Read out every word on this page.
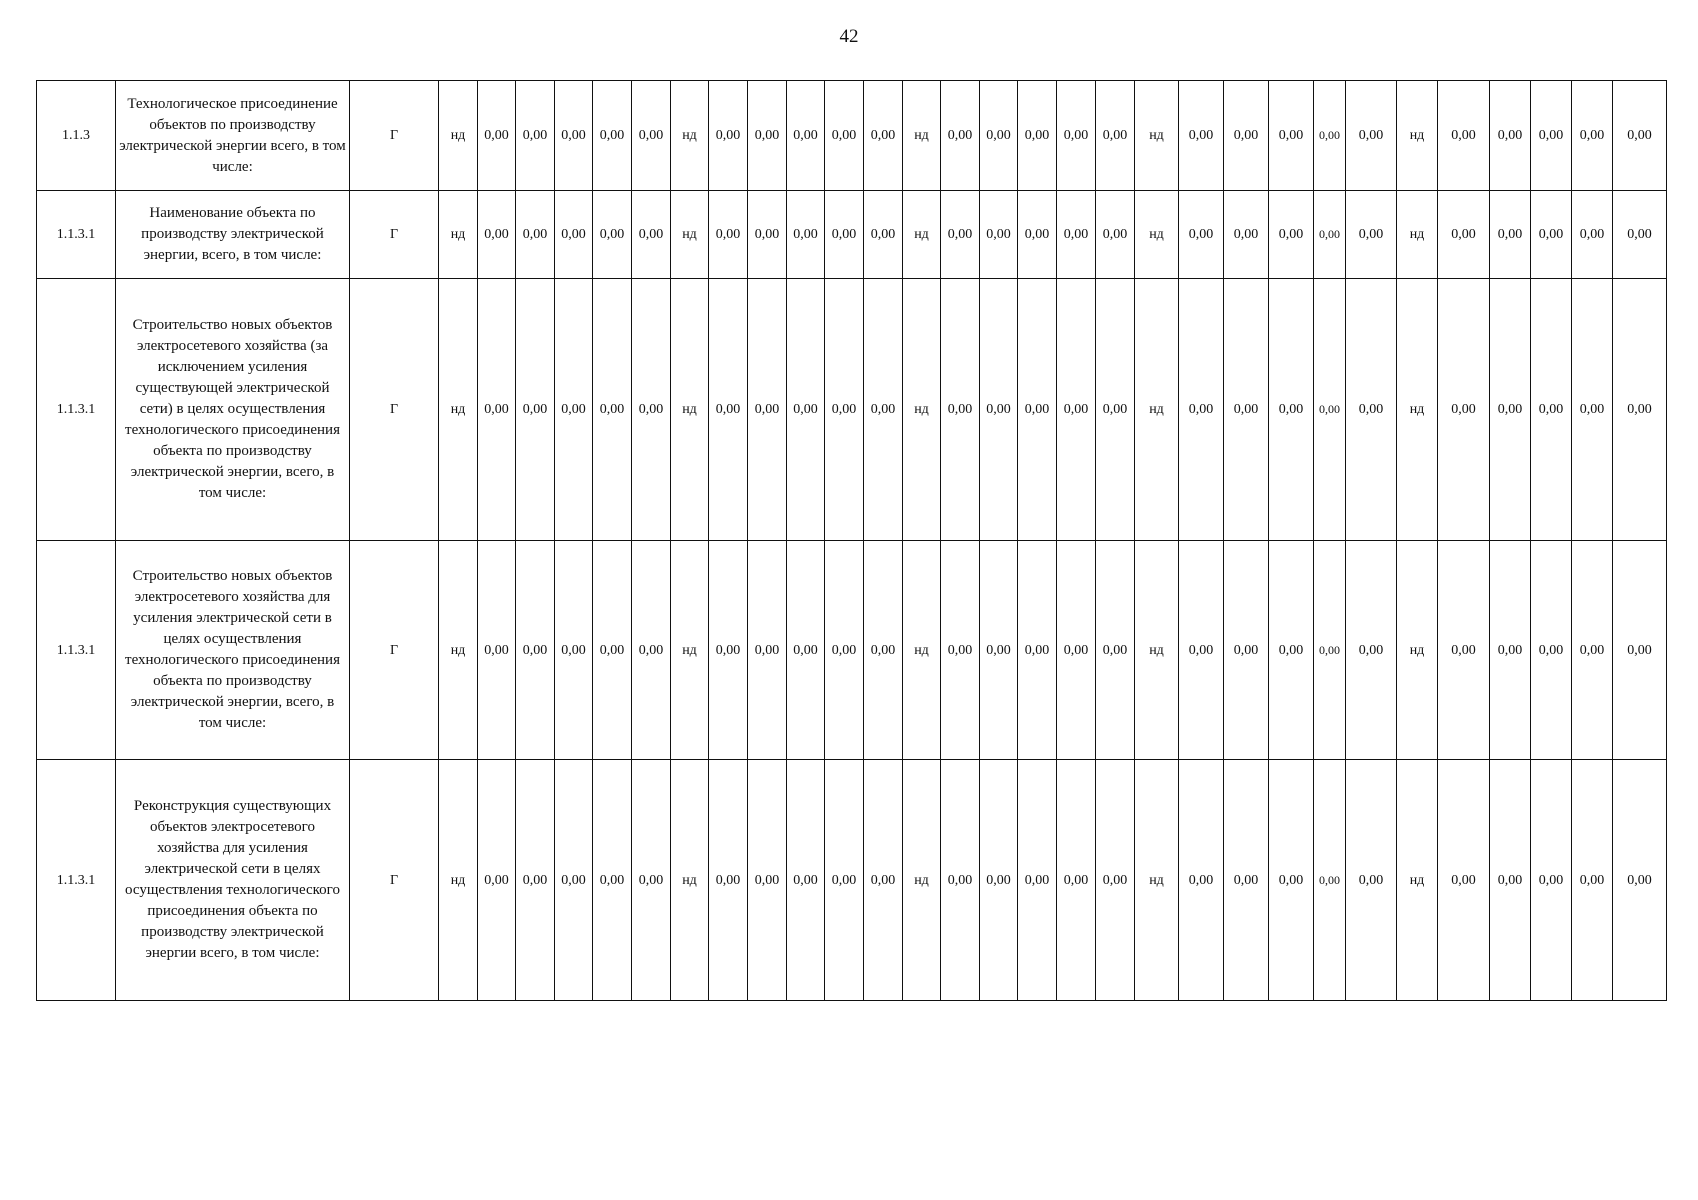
42
1.1.3	Технологическое присоединение объектов по производству электрической энергии всего, в том числе:	Г	нд	0,00	0,00	0,00	0,00	0,00	нд	0,00	0,00	0,00	0,00	0,00	нд	0,00	0,00	0,00	0,00	0,00	нд	0,00	0,00	0,00	0,00	0,00	нд	0,00	0,00	0,00	0,00	0,00
1.1.3.1	Наименование объекта по производству электрической энергии, всего, в том числе:	Г	нд	0,00	0,00	0,00	0,00	0,00	нд	0,00	0,00	0,00	0,00	0,00	нд	0,00	0,00	0,00	0,00	0,00	нд	0,00	0,00	0,00	0,00	0,00	нд	0,00	0,00	0,00	0,00	0,00
1.1.3.1	Строительство новых объектов электросетевого хозяйства (за исключением усиления существующей электрической сети) в целях осуществления технологического присоединения объекта по производству электрической энергии, всего, в том числе:	Г	нд	0,00	0,00	0,00	0,00	0,00	нд	0,00	0,00	0,00	0,00	0,00	нд	0,00	0,00	0,00	0,00	0,00	нд	0,00	0,00	0,00	0,00	0,00	нд	0,00	0,00	0,00	0,00	0,00
1.1.3.1	Строительство новых объектов электросетевого хозяйства для усиления электрической сети в целях осуществления технологического присоединения объекта по производству электрической энергии, всего, в том числе:	Г	нд	0,00	0,00	0,00	0,00	0,00	нд	0,00	0,00	0,00	0,00	0,00	нд	0,00	0,00	0,00	0,00	0,00	нд	0,00	0,00	0,00	0,00	0,00	нд	0,00	0,00	0,00	0,00	0,00
1.1.3.1	Реконструкция существующих объектов электросетевого хозяйства для усиления электрической сети в целях осуществления технологического присоединения объекта по производству электрической энергии всего, в том числе:	Г	нд	0,00	0,00	0,00	0,00	0,00	нд	0,00	0,00	0,00	0,00	0,00	нд	0,00	0,00	0,00	0,00	0,00	нд	0,00	0,00	0,00	0,00	0,00	нд	0,00	0,00	0,00	0,00	0,00
